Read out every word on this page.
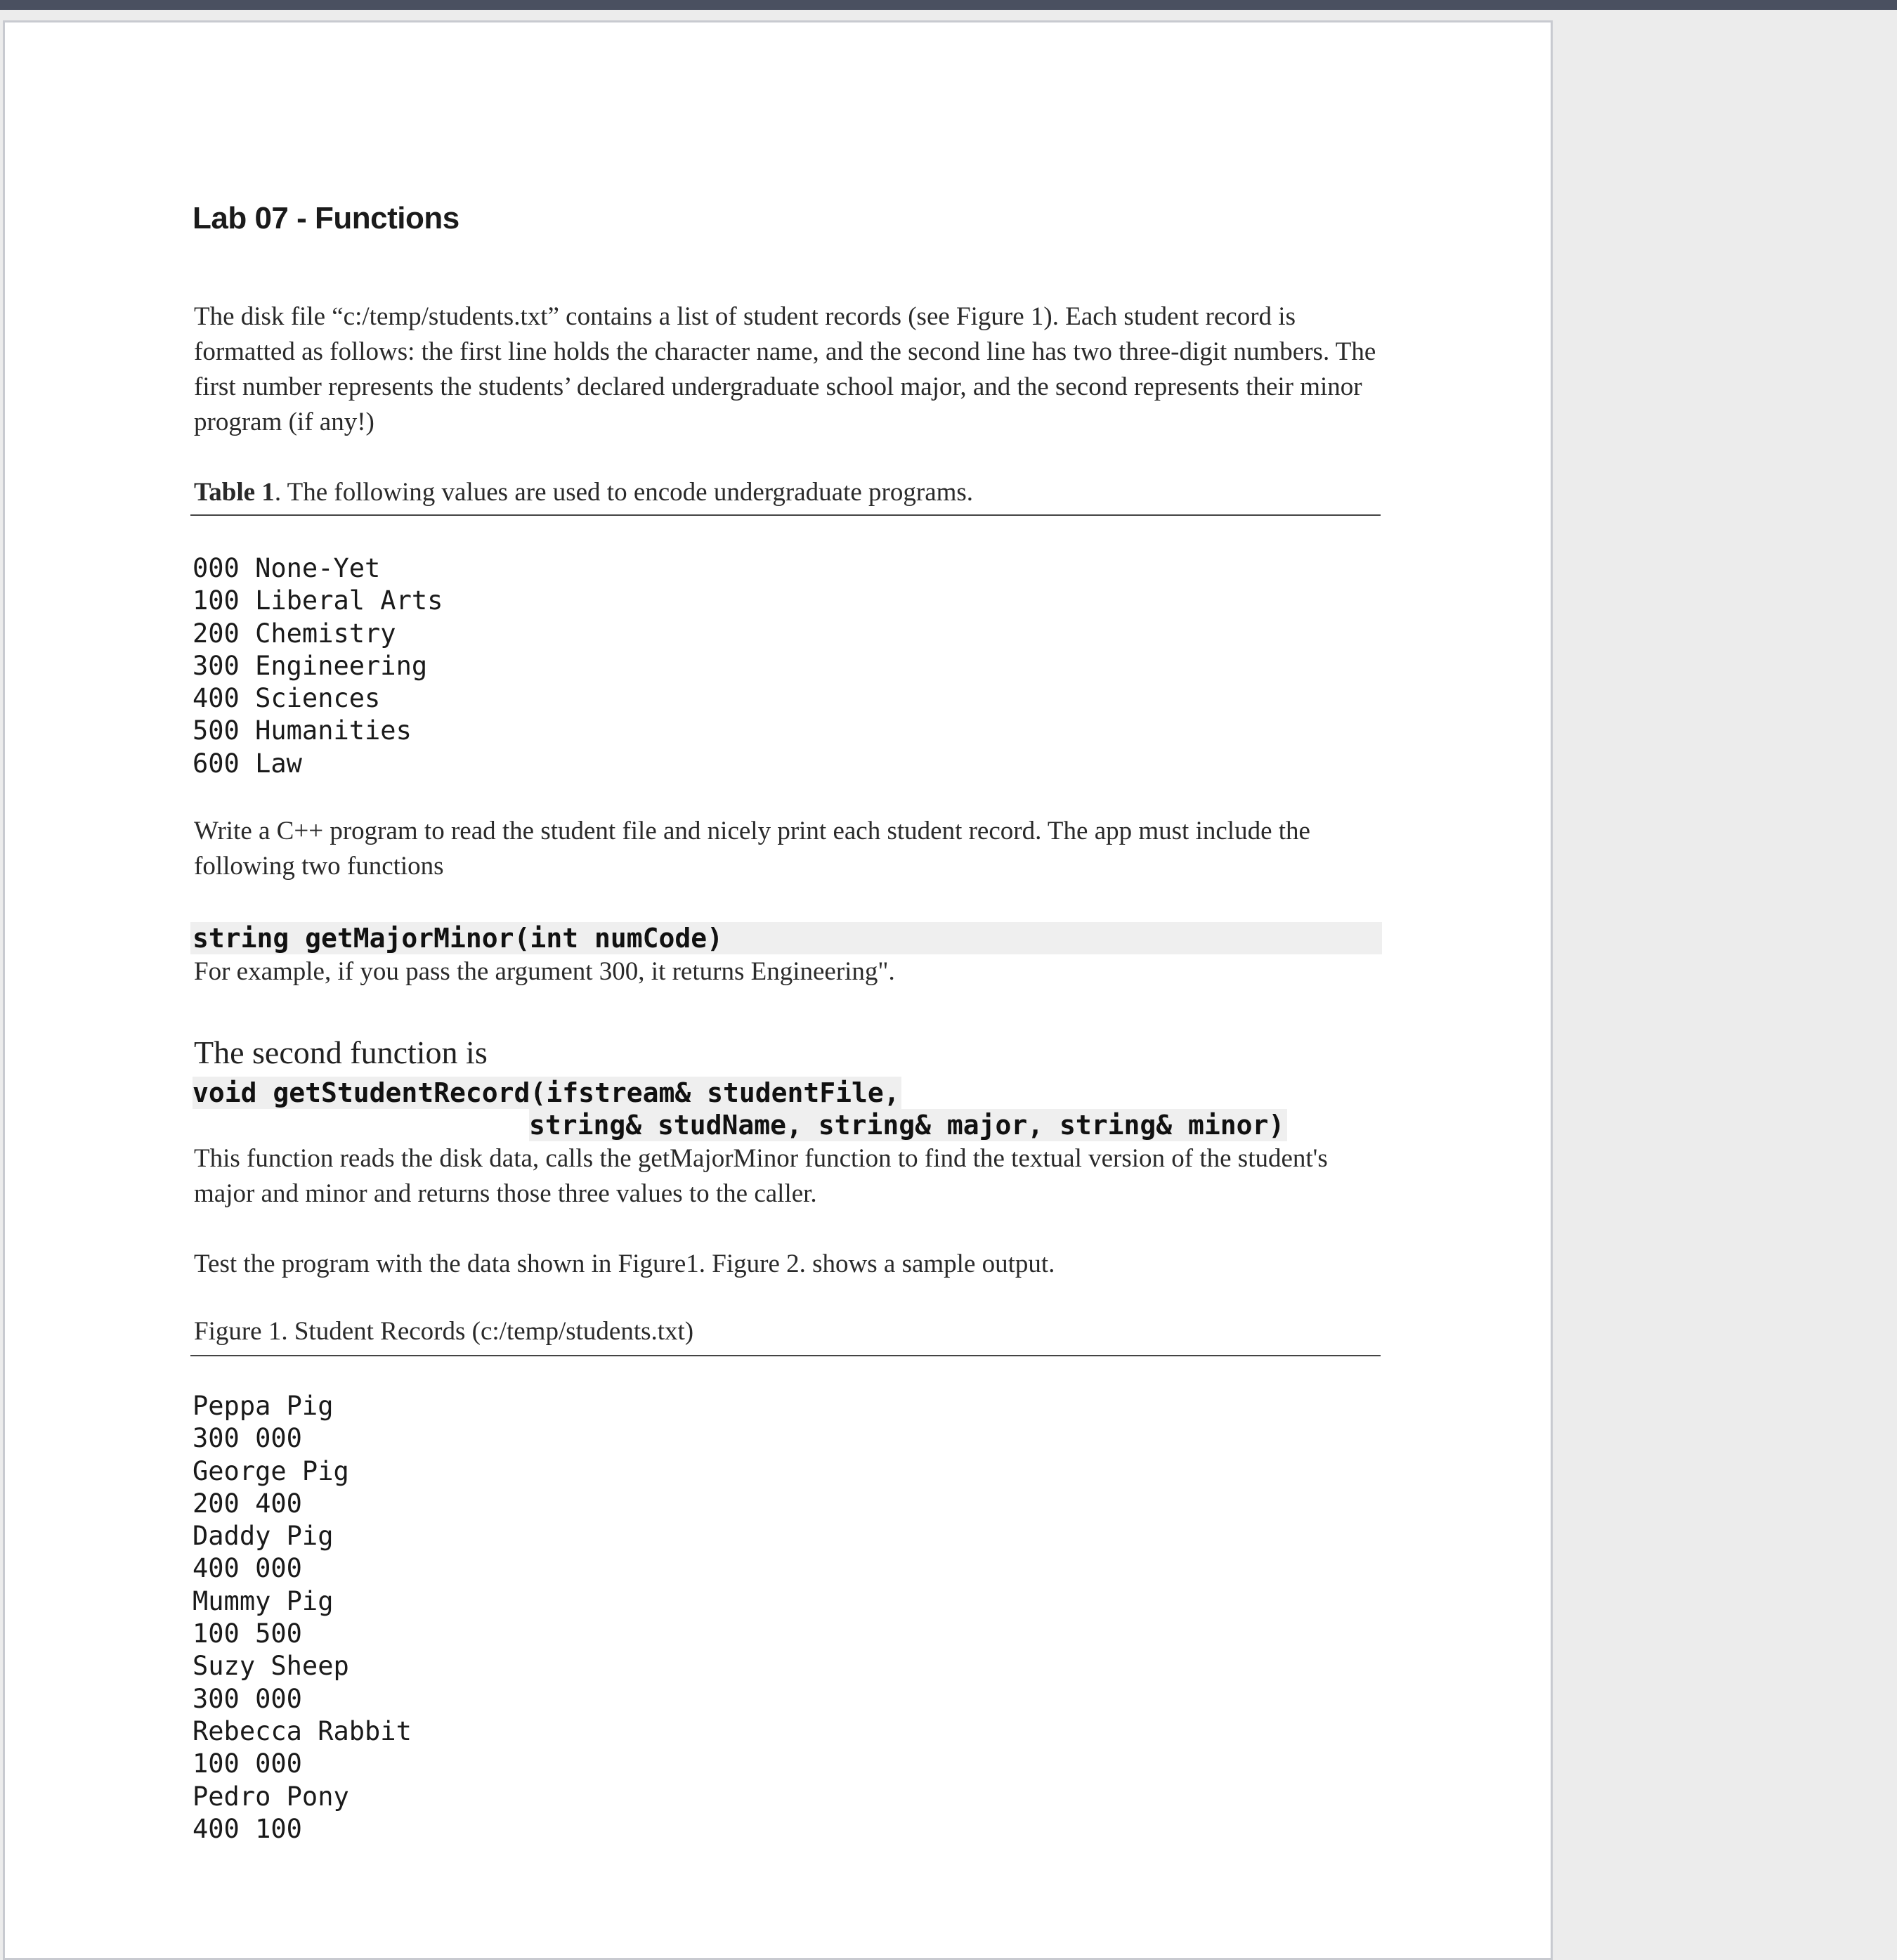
Lab 07 - Functions
The disk file “c:/temp/students.txt” contains a list of student records (see Figure 1). Each student record is formatted as follows: the first line holds the character name, and the second line has two three-digit numbers. The first number represents the students’ declared undergraduate school major, and the second represents their minor program (if any!)
Table 1. The following values are used to encode undergraduate programs.
000 None-Yet
100 Liberal Arts
200 Chemistry
300 Engineering
400 Sciences
500 Humanities
600 Law
Write a C++ program to read the student file and nicely print each student record. The app must include the following two functions
string getMajorMinor(int numCode)
For example, if you pass the argument 300, it returns Engineering".
The second function is
void getStudentRecord(ifstream& studentFile,
string& studName, string& major, string& minor)
This function reads the disk data, calls the getMajorMinor function to find the textual version of the student's major and minor and returns those three values to the caller.
Test the program with the data shown in Figure1. Figure 2. shows a sample output.
Figure 1. Student Records (c:/temp/students.txt)
Peppa Pig
300 000
George Pig
200 400
Daddy Pig
400 000
Mummy Pig
100 500
Suzy Sheep
300 000
Rebecca Rabbit
100 000
Pedro Pony
400 100
